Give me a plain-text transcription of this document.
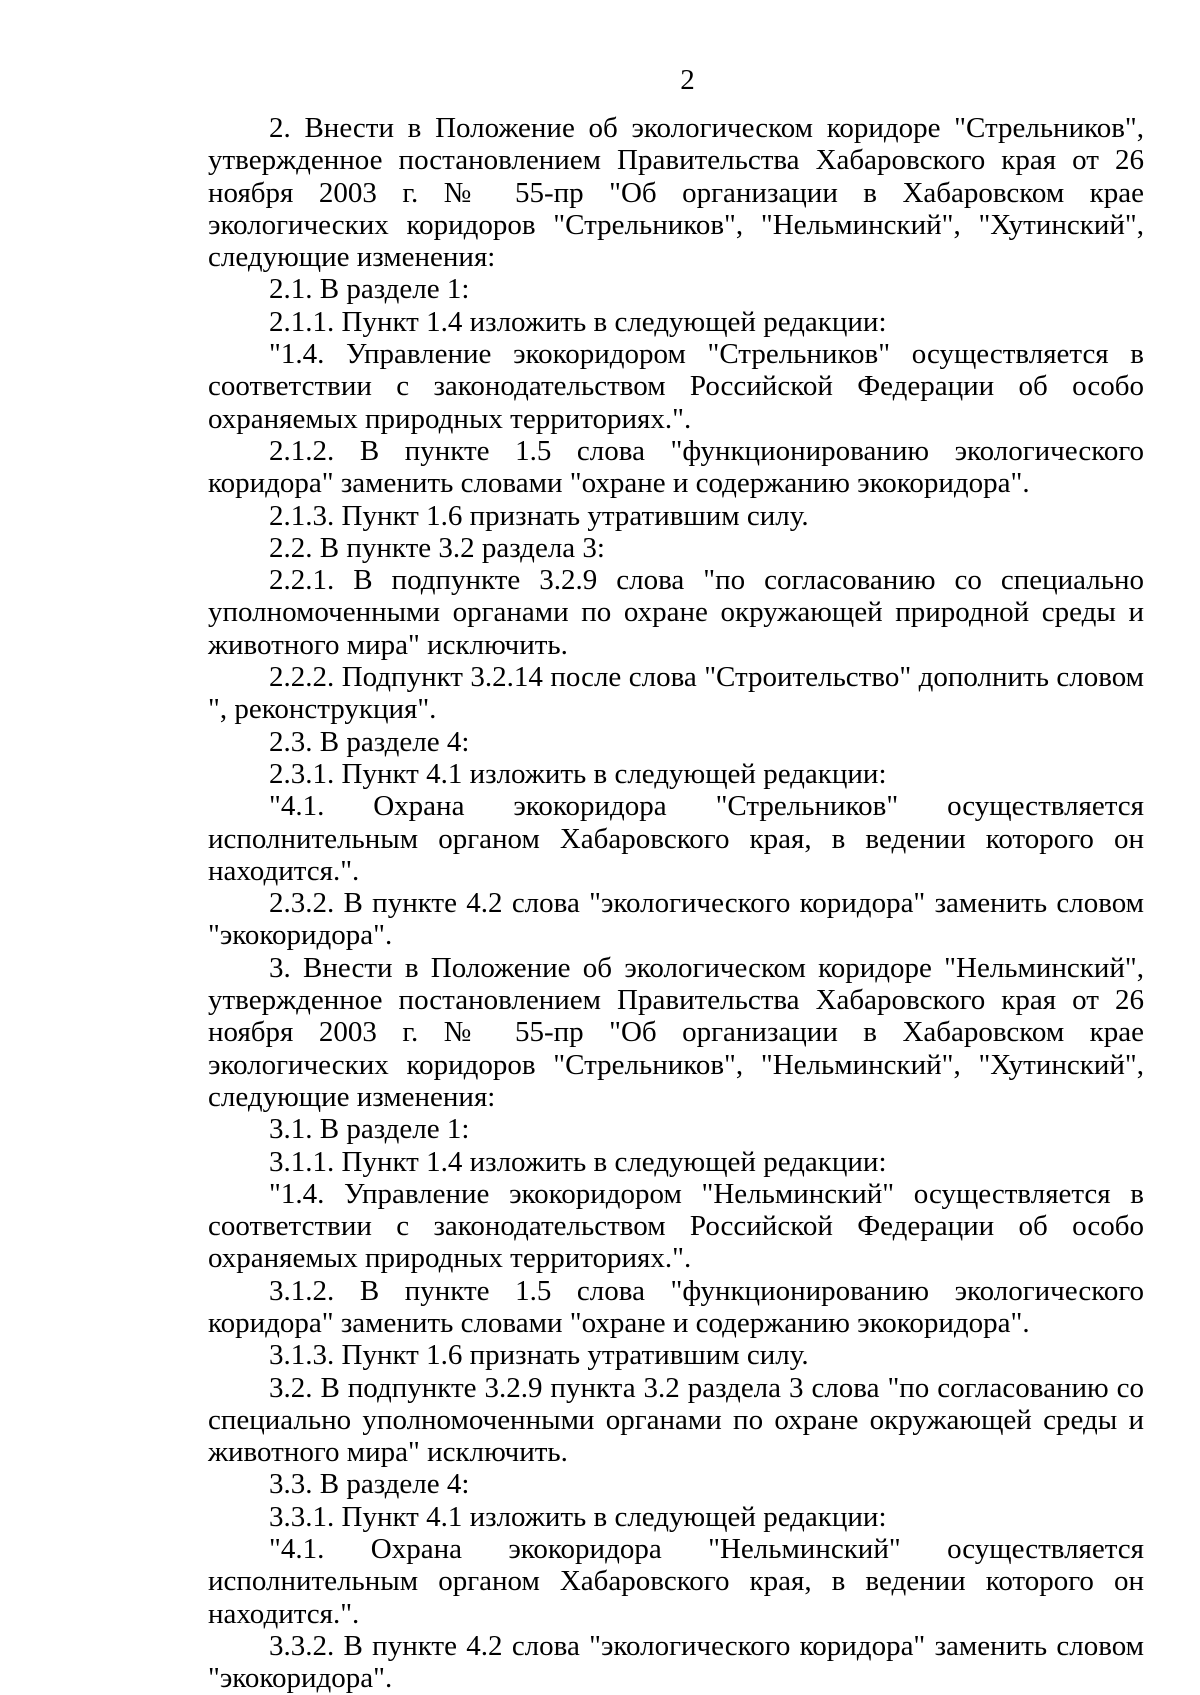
2

2. Внести в Положение об экологическом коридоре "Стрельников", утвержденное постановлением Правительства Хабаровского края от 26 ноября 2003 г. № 55-пр "Об организации в Хабаровском крае экологических коридоров "Стрельников", "Нельминский", "Хутинский", следующие изменения:

2.1. В разделе 1:

2.1.1. Пункт 1.4 изложить в следующей редакции:

"1.4. Управление экокоридором "Стрельников" осуществляется в соответствии с законодательством Российской Федерации об особо охраняемых природных территориях.".

2.1.2. В пункте 1.5 слова "функционированию экологического коридора" заменить словами "охране и содержанию экокоридора".

2.1.3. Пункт 1.6 признать утратившим силу.

2.2. В пункте 3.2 раздела 3:

2.2.1. В подпункте 3.2.9 слова "по согласованию со специально уполномоченными органами по охране окружающей природной среды и животного мира" исключить.

2.2.2. Подпункт 3.2.14 после слова "Строительство" дополнить словом ", реконструкция".

2.3. В разделе 4:

2.3.1. Пункт 4.1 изложить в следующей редакции:

"4.1. Охрана экокоридора "Стрельников" осуществляется исполнительным органом Хабаровского края, в ведении которого он находится.".

2.3.2. В пункте 4.2 слова "экологического коридора" заменить словом "экокоридора".

3. Внести в Положение об экологическом коридоре "Нельминский", утвержденное постановлением Правительства Хабаровского края от 26 ноября 2003 г. № 55-пр "Об организации в Хабаровском крае экологических коридоров "Стрельников", "Нельминский", "Хутинский", следующие изменения:

3.1. В разделе 1:

3.1.1. Пункт 1.4 изложить в следующей редакции:

"1.4. Управление экокоридором "Нельминский" осуществляется в соответствии с законодательством Российской Федерации об особо охраняемых природных территориях.".

3.1.2. В пункте 1.5 слова "функционированию экологического коридора" заменить словами "охране и содержанию экокоридора".

3.1.3. Пункт 1.6 признать утратившим силу.

3.2. В подпункте 3.2.9 пункта 3.2 раздела 3 слова "по согласованию со специально уполномоченными органами по охране окружающей среды и животного мира" исключить.

3.3. В разделе 4:

3.3.1. Пункт 4.1 изложить в следующей редакции:

"4.1. Охрана экокоридора "Нельминский" осуществляется исполнительным органом Хабаровского края, в ведении которого он находится.".

3.3.2. В пункте 4.2 слова "экологического коридора" заменить словом "экокоридора".
